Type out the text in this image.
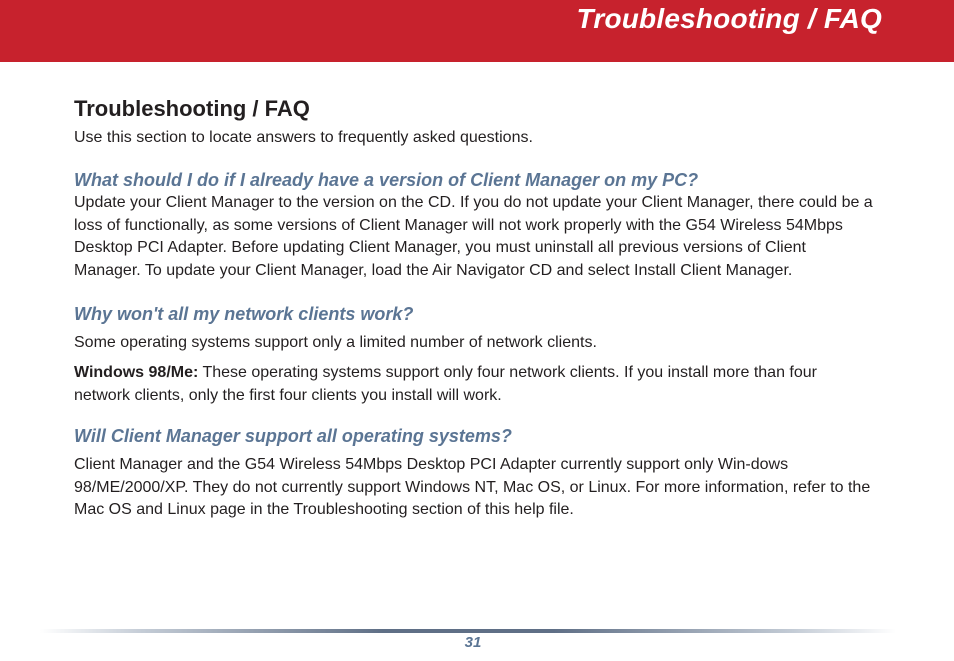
Troubleshooting / FAQ
Troubleshooting / FAQ

Use this section to locate answers to frequently asked questions.

What should I do if I already have a version of Client Manager on my PC?

Update your Client Manager to the version on the CD. If you do not update your Client Manager, there could be a loss of functionally, as some versions of Client Manager will not work properly with the G54 Wireless 54Mbps Desktop PCI Adapter. Before updating Client Manager, you must uninstall all previous versions of Client Manager. To update your Client Manager, load the Air Navigator CD and select Install Client Manager.

Why won't all my network clients work?

Some operating systems support only a limited number of network clients.

Windows 98/Me: These operating systems support only four network clients. If you install more than four network clients, only the first four clients you install will work.

Will Client Manager support all operating systems?

Client Manager and the G54 Wireless 54Mbps Desktop PCI Adapter currently support only Win-dows 98/ME/2000/XP. They do not currently support Windows NT, Mac OS, or Linux. For more information, refer to the Mac OS and Linux page in the Troubleshooting section of this help file.

31
